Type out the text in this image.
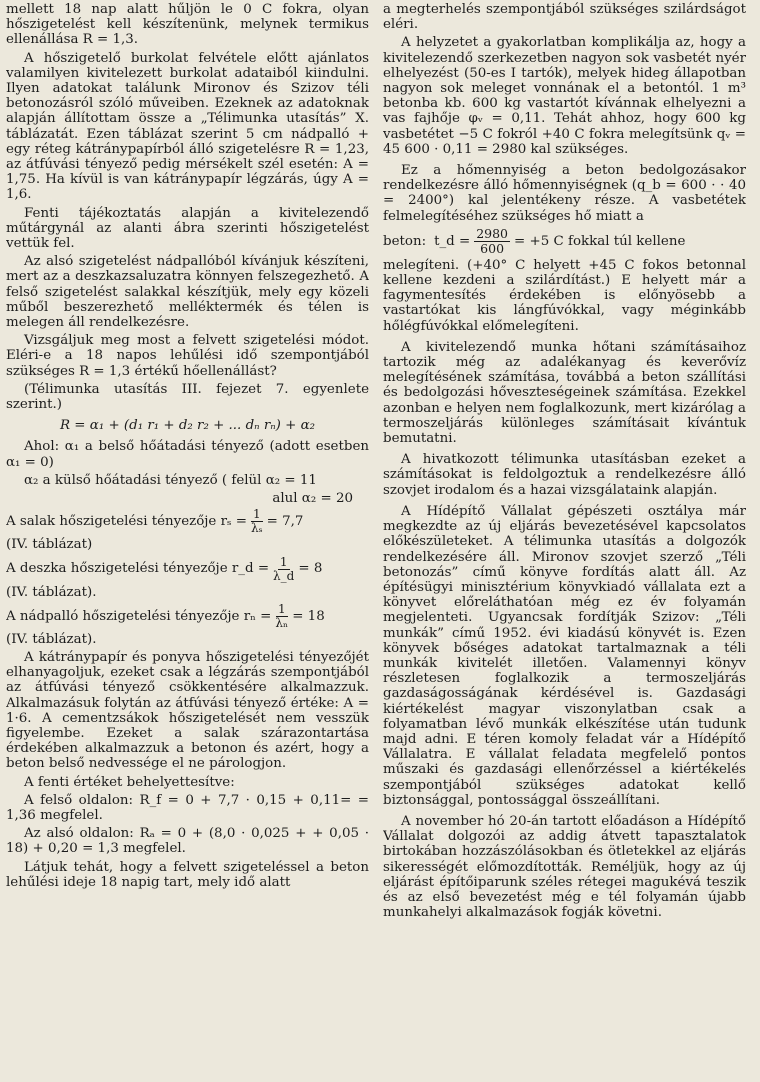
mellett 18 nap alatt hűljön le 0 C fokra, olyan hőszigetelést kell készítenünk, melynek termikus ellenállása R = 1,3.

A hőszigetelő burkolat felvétele előtt ajánlatos valamilyen kivitelezett burkolat adataiból kiindulni. Ilyen adatokat találunk Mironov és Szizov téli betonozásról szóló műveiben. Ezeknek az adatoknak alapján állítottam össze a „Télimunka utasítás” X. táblázatát. Ezen táblázat szerint 5 cm nádpalló + egy réteg kátránypapírból álló szigetelésre R = 1,23, az átfúvási tényező pedig mérsékelt szél esetén: A = 1,75. Ha kívül is van kátránypapír légzárás, úgy A = 1,6.

Fenti tájékoztatás alapján a kivitelezendő műtárgynál az alanti ábra szerinti hőszigetelést vettük fel.

Az alsó szigetelést nádpallóból kívánjuk készíteni, mert az a deszkazsaluzatra könnyen felszegezhető. A felső szigetelést salakkal készítjük, mely egy közeli műből beszerezhető melléktermék és télen is melegen áll rendelkezésre.

Vizsgáljuk meg most a felvett szigetelési módot. Eléri-e a 18 napos lehűlési idő szempontjából szükséges R = 1,3 értékű hőellenállást?

(Télimunka utasítás III. fejezet 7. egyenlete szerint.)

R = α₁ + (d₁ r₁ + d₂ r₂ + ... dₙ rₙ) + α₂

Ahol: α₁ a belső hőátadási tényező (adott esetben α₁ = 0)

α₂ a külső hőátadási tényező ( felül α₂ = 11

alul α₂ = 20
A salak hőszigetelési tényezője $r_s = \frac{1}{\text{λₛ}} = 7,7$

(IV. táblázat)

A deszka hőszigetelési tényezője r_d = $\frac{1}{\lambda\_d} = 8$

(IV. táblázat).

A nádpalló hőszigetelési tényezője $r_n = \frac{1}{\text{λₙ}} = 18$

(IV. táblázat).

A kátránypapír és ponyva hőszigetelési tényezőjét elhanyagoljuk, ezeket csak a légzárás szempontjából az átfúvási tényező csökkentésére alkalmazzuk. Alkalmazásuk folytán az átfúvási tényező értéke: A = 1·6. A cementzsákok hőszigetelését nem vesszük figyelembe. Ezeket a salak szárazontartása érdekében alkalmazzuk a betonon és azért, hogy a beton belső nedvessége el ne párologjon.

A fenti értéket behelyettesítve:

A felső oldalon: R_f = 0 + 7,7 · 0,15 + 0,11= = 1,36 megfelel.

Az alsó oldalon: Rₐ = 0 + (8,0 · 0,025 + + 0,05 · 18) + 0,20 = 1,3 megfelel.

Látjuk tehát, hogy a felvett szigeteléssel a beton lehűlési ideje 18 napig tart, mely idő alatt

a megterhelés szempontjából szükséges szilárdságot eléri.

A helyzetet a gyakorlatban komplikálja az, hogy a kivitelezendő szerkezetben nagyon sok vasbetét nyér elhelyezést (50-es I tartók), melyek hideg állapotban nagyon sok meleget vonnának el a betontól. 1 m³ betonba kb. 600 kg vastartót kívánnak elhelyezni a vas fajhője φᵥ = 0,11. Tehát ahhoz, hogy 600 kg vasbetétet −5 C fokról +40 C fokra melegítsünk qᵥ = 45 600 · 0,11 = 2980 kal szükséges.

Ez a hőmennyiség a beton bedolgozásakor rendelkezésre álló hőmennyiségnek (q_b = 600 · · 40 = 2400°) kal jelentékeny része. A vasbetétek felmelegítéséhez szükséges hő miatt a

beton: t_d = $\frac{2980}{600} = +5$ C fokkal túl kellene

melegíteni. (+40° C helyett +45 C fokos betonnal kellene kezdeni a szilárdítást.) E helyett már a fagymentesítés érdekében is előnyösebb a vastartókat kis lángfúvókkal, vagy méginkább hőlégfúvókkal előmelegíteni.

A kivitelezendő munka hőtani számításaihoz tartozik még az adalékanyag és keverővíz melegítésének számítása, továbbá a beton szállítási és bedolgozási hőveszteségeinek számítása. Ezekkel azonban e helyen nem foglalkozunk, mert kizárólag a termoszeljárás különleges számításait kívántuk bemutatni.

A hivatkozott télimunka utasításban ezeket a számításokat is feldolgoztuk a rendelkezésre álló szovjet irodalom és a hazai vizsgálataink alapján.

A Hídépítő Vállalat gépészeti osztálya már megkezdte az új eljárás bevezetésével kapcsolatos előkészületeket. A télimunka utasítás a dolgozók rendelkezésére áll. Mironov szovjet szerző „Téli betonozás” című könyve fordítás alatt áll. Az építésügyi minisztérium könyvkiadó vállalata ezt a könyvet előreláthatóan még ez év folyamán megjelenteti. Ugyancsak fordítják Szizov: „Téli munkák” című 1952. évi kiadású könyvét is. Ezen könyvek bőséges adatokat tartalmaznak a téli munkák kivitelét illetően. Valamennyi könyv részletesen foglalkozik a termoszeljárás gazdaságosságának kérdésével is. Gazdasági kiértékelést magyar viszonylatban csak a folyamatban lévő munkák elkészítése után tudunk majd adni. E téren komoly feladat vár a Hídépítő Vállalatra. E vállalat feladata megfelelő pontos műszaki és gazdasági ellenőrzéssel a kiértékelés szempontjából szükséges adatokat kellő biztonsággal, pontossággal összeállítani.

A november hó 20-án tartott előadáson a Hídépítő Vállalat dolgozói az addig átvett tapasztalatok birtokában hozzászólásokban és ötletekkel az eljárás sikerességét előmozdították. Reméljük, hogy az új eljárást építőiparunk széles rétegei magukévá teszik és az első bevezetést még e tél folyamán újabb munkahelyi alkalmazások fogják követni.
